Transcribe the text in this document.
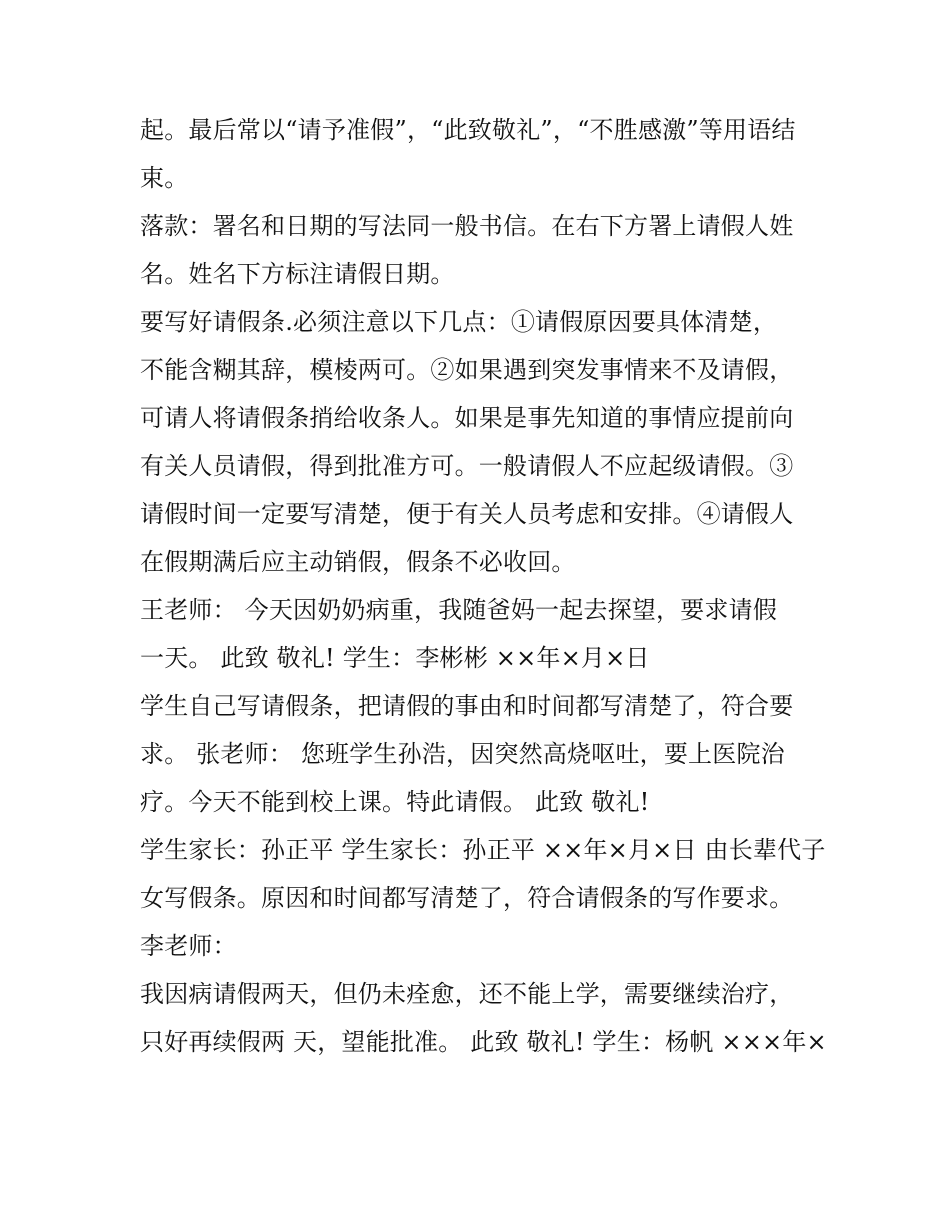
起。最后常以“请予准假”，“此致敬礼”，“不胜感激”等用语结
束。
落款：署名和日期的写法同一般书信。在右下方署上请假人姓
名。姓名下方标注请假日期。
要写好请假条.必须注意以下几点：①请假原因要具体清楚，
不能含糊其辞，模棱两可。②如果遇到突发事情来不及请假，
可请人将请假条捎给收条人。如果是事先知道的事情应提前向
有关人员请假，得到批准方可。一般请假人不应起级请假。③
请假时间一定要写清楚，便于有关人员考虑和安排。④请假人
在假期满后应主动销假，假条不必收回。
王老师： 今天因奶奶病重，我随爸妈一起去探望，要求请假
一天。 此致 敬礼! 学生：李彬彬 ××年×月×日
学生自己写请假条，把请假的事由和时间都写清楚了，符合要
求。 张老师： 您班学生孙浩，因突然高烧呕吐，要上医院治
疗。今天不能到校上课。特此请假。 此致 敬礼!
学生家长：孙正平 学生家长：孙正平 ××年×月×日 由长辈代子
女写假条。原因和时间都写清楚了，符合请假条的写作要求。
李老师：
我因病请假两天，但仍未痊愈，还不能上学，需要继续治疗，
只好再续假两 天，望能批准。 此致 敬礼! 学生：杨帆 ×××年×
